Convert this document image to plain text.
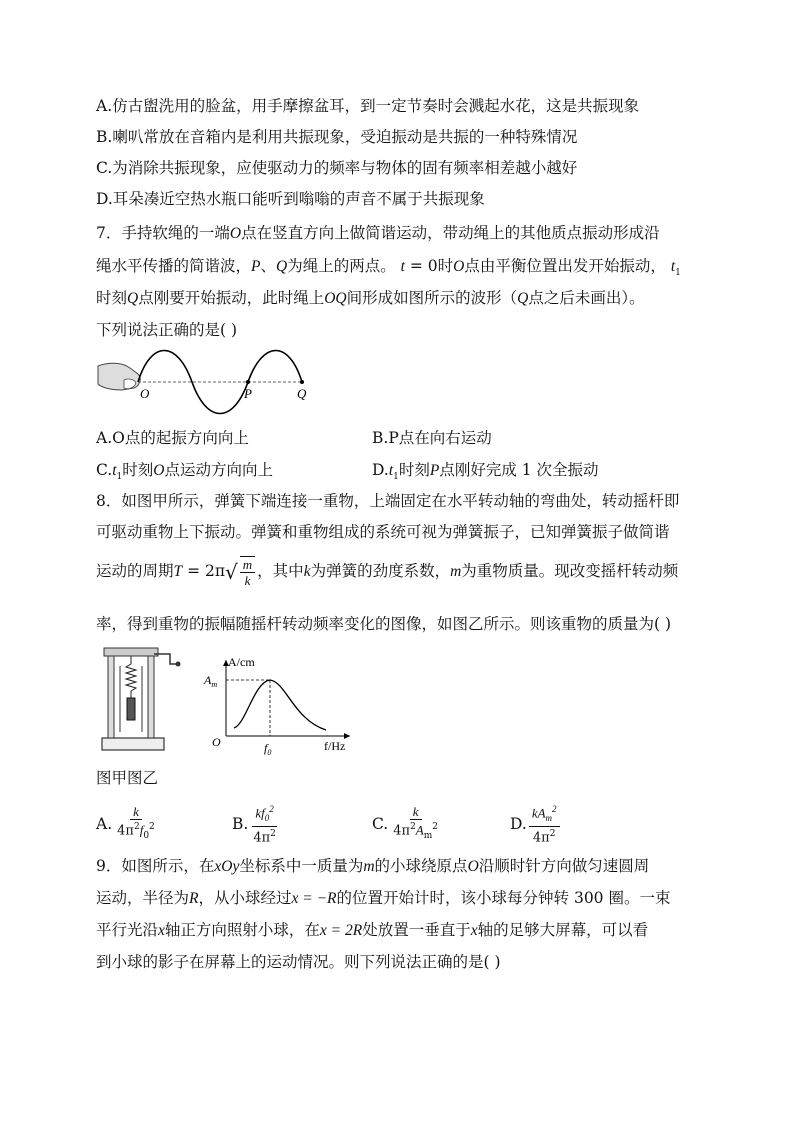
A.仿古盥洗用的脸盆，用手摩擦盆耳，到一定节奏时会溅起水花，这是共振现象
B.喇叭常放在音箱内是利用共振现象，受迫振动是共振的一种特殊情况
C.为消除共振现象，应使驱动力的频率与物体的固有频率相差越小越好
D.耳朵凑近空热水瓶口能听到嗡嗡的声音不属于共振现象
7．手持软绳的一端O点在竖直方向上做简谐运动，带动绳上的其他质点振动形成沿
绳水平传播的简谐波，P、Q为绳上的两点。 t = 0时O点由平衡位置出发开始振动， $t_1$
时刻Q点刚要开始振动，此时绳上OQ间形成如图所示的波形（Q点之后未画出）。
下列说法正确的是( )
O	P	Q
A.O点的起振方向向上	B.P点在向右运动
$C.t_1$时刻O点运动方向向上	$D.t_1$时刻P点刚好完成 1 次全振动
8．如图甲所示，弹簧下端连接一重物，上端固定在水平转动轴的弯曲处，转动摇杆即
可驱动重物上下振动。弹簧和重物组成的系统可视为弹簧振子，已知弹簧振子做简谐
运动的周期$T = 2\pi√ \frac{m}{k}$ ，其中k为弹簧的劲度系数，m为重物质量。现改变摇杆转动频
率，得到重物的振幅随摇杆转动频率变化的图像，如图乙所示。则该重物的质量为( )
A/cm
$A_m$
O	$f_0$	f/Hz
图甲图乙
A. $\frac{k}{4\pi^2f_0^2}$	B. $\frac{kf_0^2}{4\pi^2}$	C. $\frac{k}{4\pi^2A_m^2}$	D. $\frac{kA_m^2}{4\pi^2}$
9．如图所示，在xOy坐标系中一质量为m的小球绕原点O沿顺时针方向做匀速圆周
运动，半径为R，从小球经过x = −R的位置开始计时，该小球每分钟转 300 圈。一束
平行光沿x轴正方向照射小球，在x = 2R处放置一垂直于x轴的足够大屏幕，可以看
到小球的影子在屏幕上的运动情况。则下列说法正确的是( )
